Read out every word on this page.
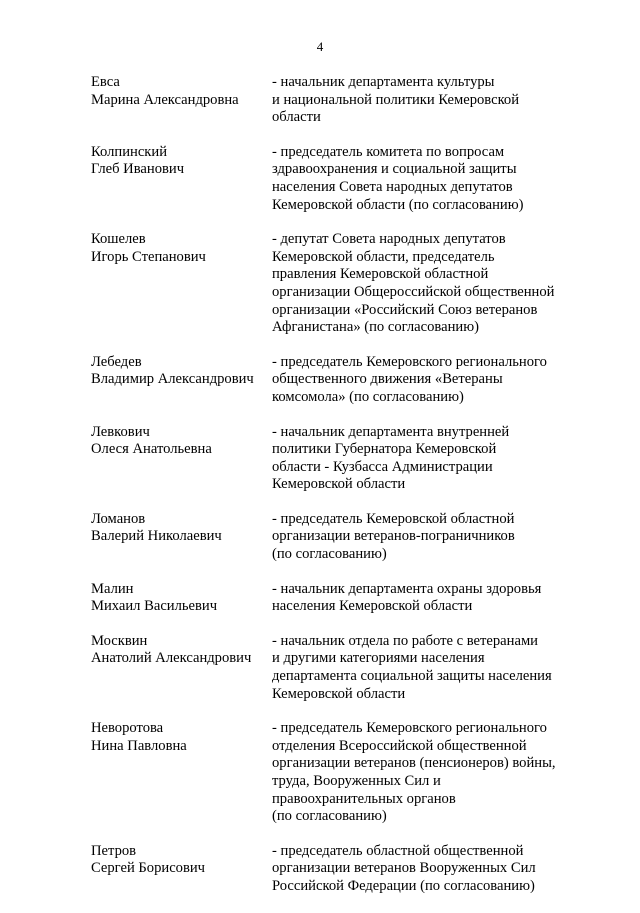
4
Евса
Марина Александровна
- начальник департамента культуры
и национальной политики Кемеровской
области
Колпинский
Глеб Иванович
- председатель комитета по вопросам
здравоохранения и социальной защиты
населения Совета народных депутатов
Кемеровской области (по согласованию)
Кошелев
Игорь Степанович
- депутат Совета народных депутатов
Кемеровской области, председатель
правления Кемеровской областной
организации Общероссийской общественной
организации «Российский Союз ветеранов
Афганистана» (по согласованию)
Лебедев
Владимир Александрович
- председатель Кемеровского регионального
общественного движения «Ветераны
комсомола» (по согласованию)
Левкович
Олеся Анатольевна
- начальник департамента внутренней
политики Губернатора Кемеровской
области - Кузбасса Администрации
Кемеровской области
Ломанов
Валерий Николаевич
- председатель Кемеровской областной
организации ветеранов-пограничников
(по согласованию)
Малин
Михаил Васильевич
- начальник департамента охраны здоровья
населения Кемеровской области
Москвин
Анатолий Александрович
- начальник отдела по работе с ветеранами
и другими категориями населения
департамента социальной защиты населения
Кемеровской области
Неворотова
Нина Павловна
- председатель Кемеровского регионального
отделения Всероссийской общественной
организации ветеранов (пенсионеров) войны,
труда, Вооруженных Сил и
правоохранительных органов
(по согласованию)
Петров
Сергей Борисович
- председатель областной общественной
организации ветеранов Вооруженных Сил
Российской Федерации (по согласованию)
